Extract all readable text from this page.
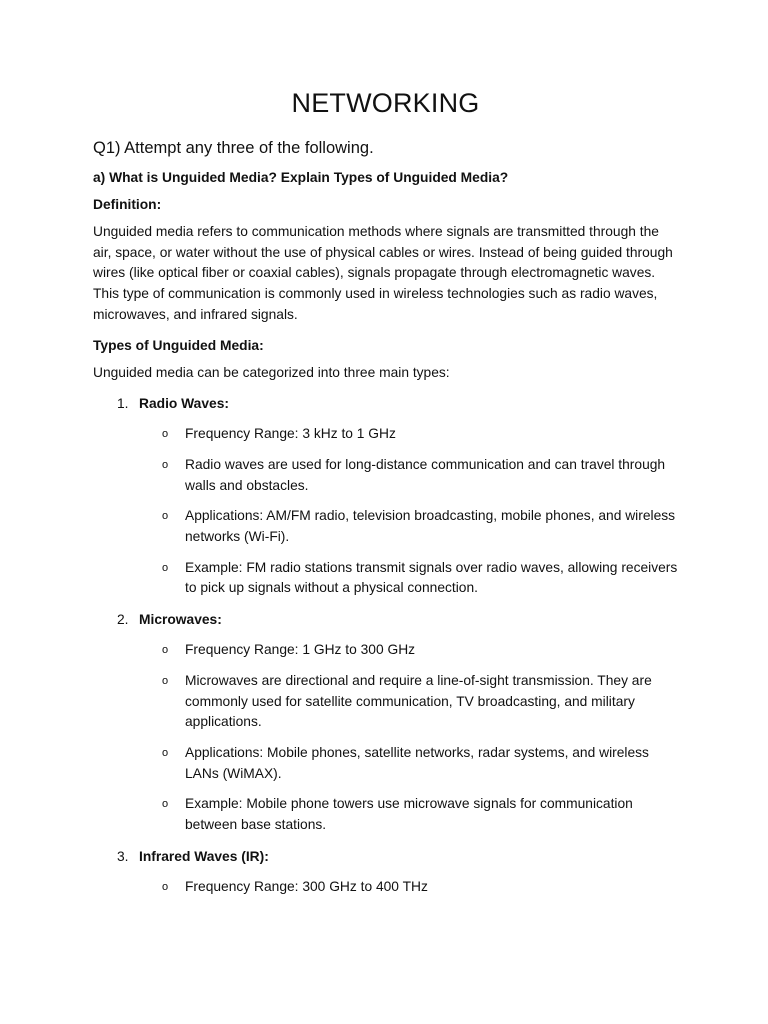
NETWORKING

Q1) Attempt any three of the following.

a) What is Unguided Media? Explain Types of Unguided Media?

Definition:

Unguided media refers to communication methods where signals are transmitted through the air, space, or water without the use of physical cables or wires. Instead of being guided through wires (like optical fiber or coaxial cables), signals propagate through electromagnetic waves. This type of communication is commonly used in wireless technologies such as radio waves, microwaves, and infrared signals.

Types of Unguided Media:

Unguided media can be categorized into three main types:

1. Radio Waves:
o Frequency Range: 3 kHz to 1 GHz
o Radio waves are used for long-distance communication and can travel through walls and obstacles.
o Applications: AM/FM radio, television broadcasting, mobile phones, and wireless networks (Wi-Fi).
o Example: FM radio stations transmit signals over radio waves, allowing receivers to pick up signals without a physical connection.
2. Microwaves:
o Frequency Range: 1 GHz to 300 GHz
o Microwaves are directional and require a line-of-sight transmission. They are commonly used for satellite communication, TV broadcasting, and military applications.
o Applications: Mobile phones, satellite networks, radar systems, and wireless LANs (WiMAX).
o Example: Mobile phone towers use microwave signals for communication between base stations.
3. Infrared Waves (IR):
o Frequency Range: 300 GHz to 400 THz
